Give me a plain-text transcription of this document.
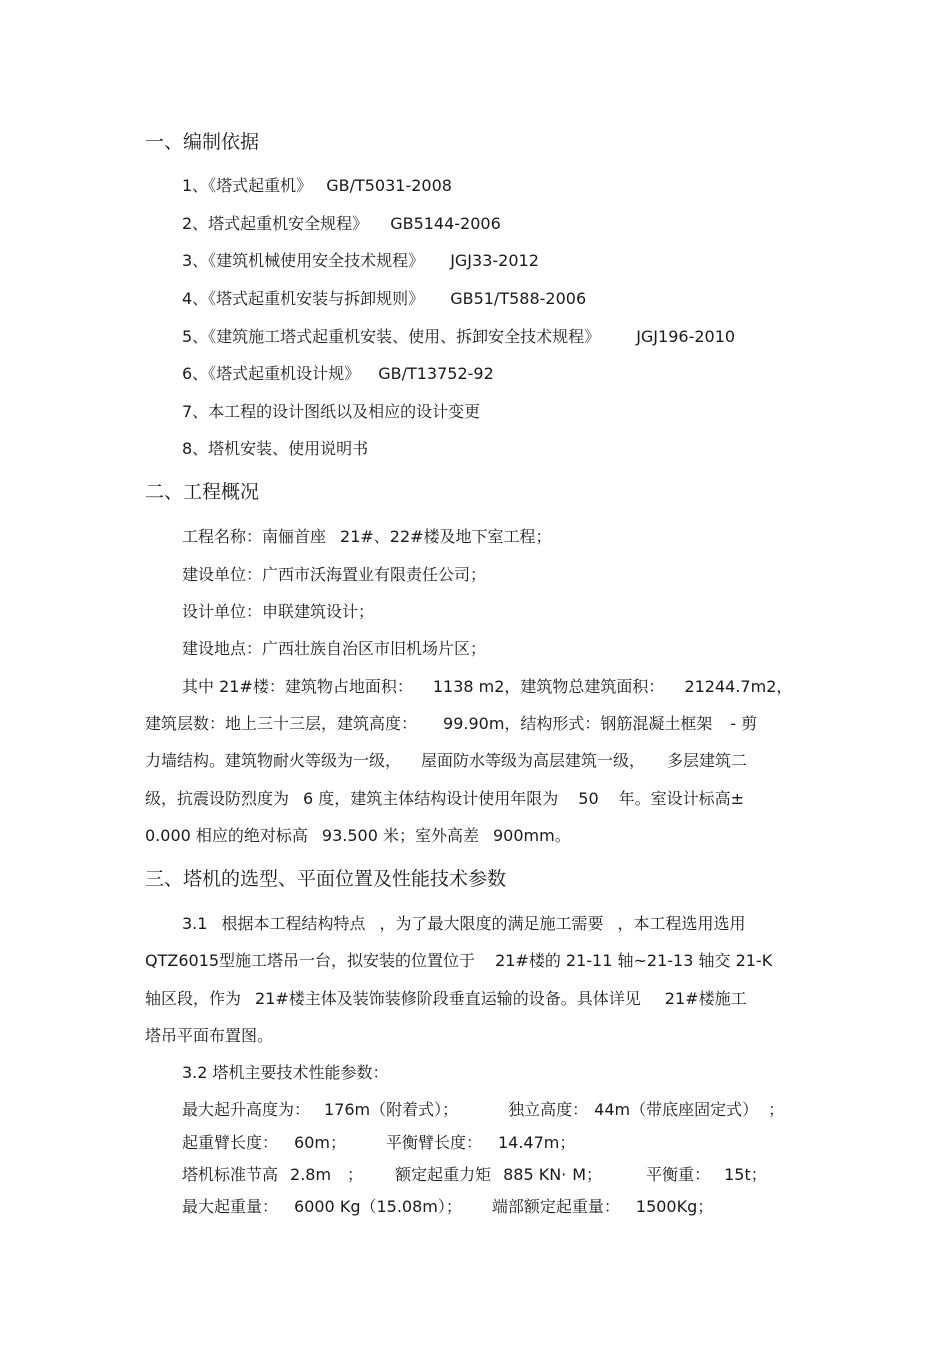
一、编制依据
1、《塔式起重机》 GB/T5031-2008
2、塔式起重机安全规程》 GB5144-2006
3、《建筑机械使用安全技术规程》 JGJ33-2012
4、《塔式起重机安装与拆卸规则》 GB51/T588-2006
5、《建筑施工塔式起重机安装、使用、拆卸安全技术规程》 JGJ196-2010
6、《塔式起重机设计规》 GB/T13752-92
7、本工程的设计图纸以及相应的设计变更
8、塔机安装、使用说明书
二、工程概况
工程名称：南俪首座 21#、22#楼及地下室工程；
建设单位：广西市沃海置业有限责任公司；
设计单位：申联建筑设计；
建设地点：广西壮族自治区市旧机场片区；
其中 21#楼：建筑物占地面积： 1138 m2，建筑物总建筑面积： 21244.7m2，
建筑层数：地上三十三层，建筑高度： 99.90m，结构形式：钢筋混凝土框架 - 剪
力墙结构。建筑物耐火等级为一级， 屋面防水等级为高层建筑一级， 多层建筑二
级，抗震设防烈度为 6 度，建筑主体结构设计使用年限为 50 年。室设计标高±
0.000 相应的绝对标高 93.500 米；室外高差 900mm。
三、塔机的选型、平面位置及性能技术参数
3.1 根据本工程结构特点 ，为了最大限度的满足施工需要 ，本工程选用选用
QTZ6015型施工塔吊一台，拟安装的位置位于 21#楼的 21-11 轴~21-13 轴交 21-K
轴区段，作为 21#楼主体及装饰装修阶段垂直运输的设备。具体详见 21#楼施工
塔吊平面布置图。
3.2 塔机主要技术性能参数：
最大起升高度为： 176m（附着式）；	独立高度： 44m（带底座固定式） ；
起重臂长度： 60m；	平衡臂长度： 14.47m；
塔机标准节高 2.8m ； 额定起重力矩 885 KN· M；	平衡重： 15t；
最大起重量： 6000 Kg（15.08m）； 端部额定起重量： 1500Kg；
